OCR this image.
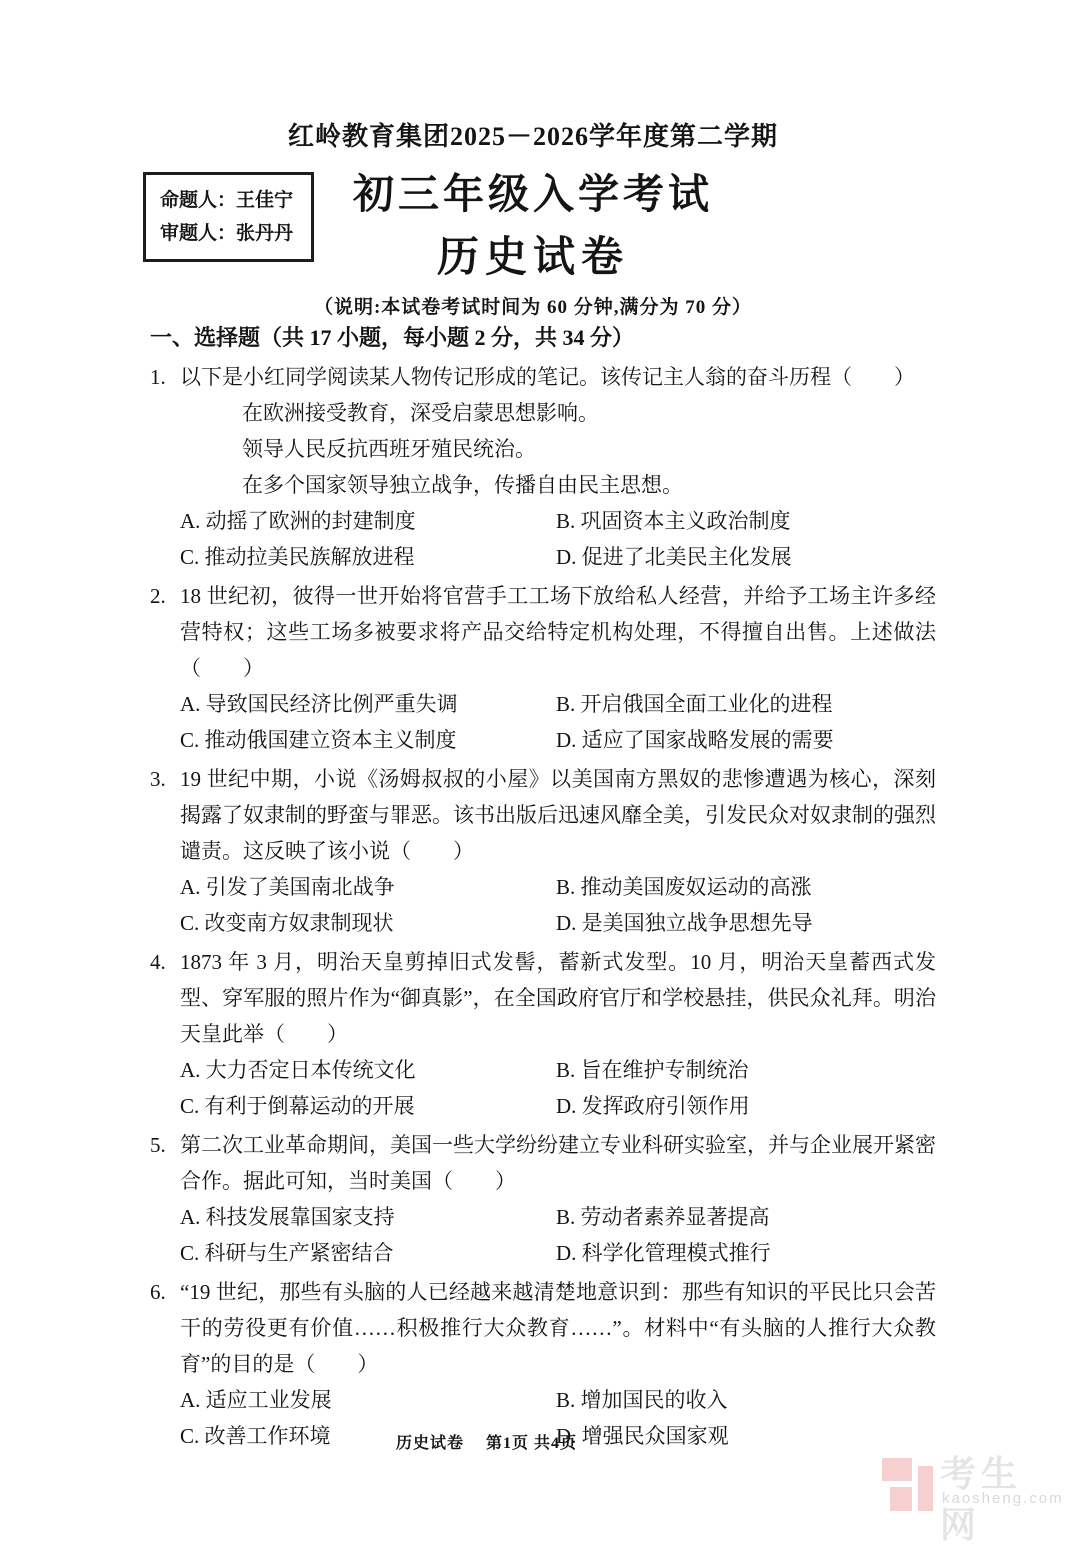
红岭教育集团2025－2026学年度第二学期
初三年级入学考试
历史试卷
（说明:本试卷考试时间为 60 分钟,满分为 70 分）
命题人：王佳宁
审题人：张丹丹

一、选择题（共 17 小题，每小题 2 分，共 34 分）

1. 以下是小红同学阅读某人物传记形成的笔记。该传记主人翁的奋斗历程（　　）

在欧洲接受教育，深受启蒙思想影响。
领导人民反抗西班牙殖民统治。
在多个国家领导独立战争，传播自由民主思想。
A. 动摇了欧洲的封建制度	B. 巩固资本主义政治制度
C. 推动拉美民族解放进程	D. 促进了北美民主化发展

2. 18 世纪初，彼得一世开始将官营手工工场下放给私人经营，并给予工场主许多经营特权；这些工场多被要求将产品交给特定机构处理，不得擅自出售。上述做法（　　）

A. 导致国民经济比例严重失调	B. 开启俄国全面工业化的进程
C. 推动俄国建立资本主义制度	D. 适应了国家战略发展的需要

3. 19 世纪中期，小说《汤姆叔叔的小屋》以美国南方黑奴的悲惨遭遇为核心，深刻揭露了奴隶制的野蛮与罪恶。该书出版后迅速风靡全美，引发民众对奴隶制的强烈谴责。这反映了该小说（　　）

A. 引发了美国南北战争	B. 推动美国废奴运动的高涨
C. 改变南方奴隶制现状	D. 是美国独立战争思想先导

4. 1873 年 3 月，明治天皇剪掉旧式发髻，蓄新式发型。10 月，明治天皇蓄西式发型、穿军服的照片作为“御真影”，在全国政府官厅和学校悬挂，供民众礼拜。明治天皇此举（　　）

A. 大力否定日本传统文化	B. 旨在维护专制统治
C. 有利于倒幕运动的开展	D. 发挥政府引领作用

5. 第二次工业革命期间，美国一些大学纷纷建立专业科研实验室，并与企业展开紧密合作。据此可知，当时美国（　　）

A. 科技发展靠国家支持	B. 劳动者素养显著提高
C. 科研与生产紧密结合	D. 科学化管理模式推行

6. “19 世纪，那些有头脑的人已经越来越清楚地意识到：那些有知识的平民比只会苦干的劳役更有价值……积极推行大众教育……”。材料中“有头脑的人推行大众教育”的目的是（　　）

A. 适应工业发展	B. 增加国民的收入
C. 改善工作环境	D. 增强民众国家观
历史试卷　 第1页 共4页
考生网
kaosheng.com
